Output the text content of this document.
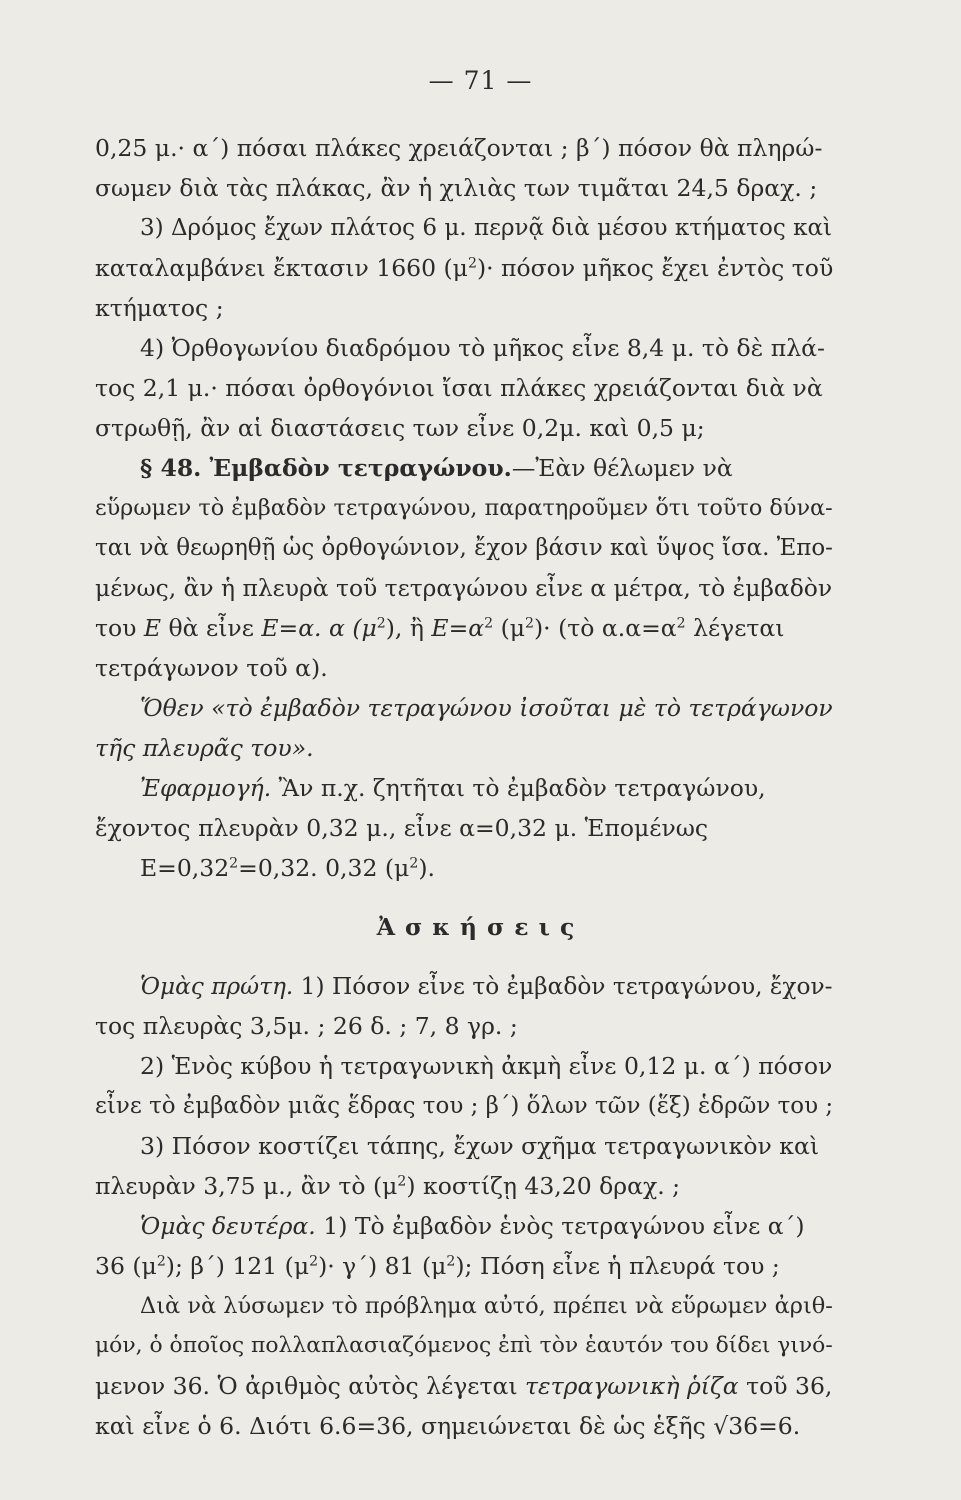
— 71 —
0,25 μ.· α΄) πόσαι πλάκες χρειάζονται ; β΄) πόσον θὰ πληρώ-
σωμεν διὰ τὰς πλάκας, ἂν ἡ χιλιὰς των τιμᾶται 24,5 δραχ. ;
3) Δρόμος ἔχων πλάτος 6 μ. περνᾷ διὰ μέσου κτήματος καὶ
καταλαμβάνει ἔκτασιν 1660 $(\mu^2)\cdot \pi ό\sigma o\nu$ μῆκος ἔχει ἐντὸς τοῦ
κτήματος ;
4) Ὀρθογωνίου διαδρόμου τὸ μῆκος εἶνε 8,4 μ. τὸ δὲ πλά-
τος 2,1 μ.· πόσαι ὀρθογόνιοι ἴσαι πλάκες χρειάζονται διὰ νὰ
στρωθῇ, ἂν αἱ διαστάσεις των εἶνε 0,2μ. καὶ 0,5 μ;
§ 48. Ἐμβαδὸν τετραγώνου.—Ἐὰν θέλωμεν νὰ
εὕρωμεν τὸ ἐμβαδὸν τετραγώνου, παρατηροῦμεν ὅτι τοῦτο δύνα-
ται νὰ θεωρηθῇ ὡς ὀρθογώνιον, ἔχον βάσιν καὶ ὕψος ἴσα. Ἐπο-
μένως, ἂν ἡ πλευρὰ τοῦ τετραγώνου εἶνε α μέτρα, τὸ ἐμβαδὸν
του Ε θὰ εἶνε Ε=α. α $(\mu^2)$, ἢ $E=\alpha^2$ $(\mu^2)\cdot$ (τὸ $\alpha.\alpha=\alpha^2$ λέγεται
τετράγωνον τοῦ α).
Ὅθεν «τὸ ἐμβαδὸν τετραγώνου ἰσοῦται μὲ τὸ τετράγωνον
τῆς πλευρᾶς του».
Ἐφαρμογή. Ἂν π.χ. ζητῆται τὸ ἐμβαδὸν τετραγώνου,
ἔχοντος πλευρὰν 0,32 μ., εἶνε α=0,32 μ. Ἑπομένως
$E=0,32^2=0,32$. 0,32 $(\mu^2)$.
Ἀσκήσεις
Ὁμὰς πρώτη. 1) Πόσον εἶνε τὸ ἐμβαδὸν τετραγώνου, ἔχον-
τος πλευρὰς 3,5μ. ; 26 δ. ; 7, 8 γρ. ;
2) Ἑνὸς κύβου ἡ τετραγωνικὴ ἀκμὴ εἶνε 0,12 μ. α΄) πόσον
εἶνε τὸ ἐμβαδὸν μιᾶς ἕδρας του ; β΄) ὅλων τῶν (ἕξ) ἑδρῶν του ;
3) Πόσον κοστίζει τάπης, ἔχων σχῆμα τετραγωνικὸν καὶ
πλευρὰν 3,75 μ., ἂν τὸ $(\mu^2)$ κοστίζῃ 43,20 δραχ. ;
Ὁμὰς δευτέρα. 1) Τὸ ἐμβαδὸν ἑνὸς τετραγώνου εἶνε α΄)
36 $(\mu^2)$; β΄) 121 $(\mu^2)\cdot \gamma΄$) 81 $(\mu^2)$; Πόση εἶνε ἡ πλευρά του ;
Διὰ νὰ λύσωμεν τὸ πρόβλημα αὐτό, πρέπει νὰ εὕρωμεν ἀριθ-
μόν, ὁ ὁποῖος πολλαπλασιαζόμενος ἐπὶ τὸν ἑαυτόν του δίδει γινό-
μενον 36. Ὁ ἀριθμὸς αὐτὸς λέγεται τετραγωνικὴ ῥίζα τοῦ 36,
καὶ εἶνε ὁ 6. Διότι 6.6=36, σημειώνεται δὲ ὡς ἑξῆς √36=6.
